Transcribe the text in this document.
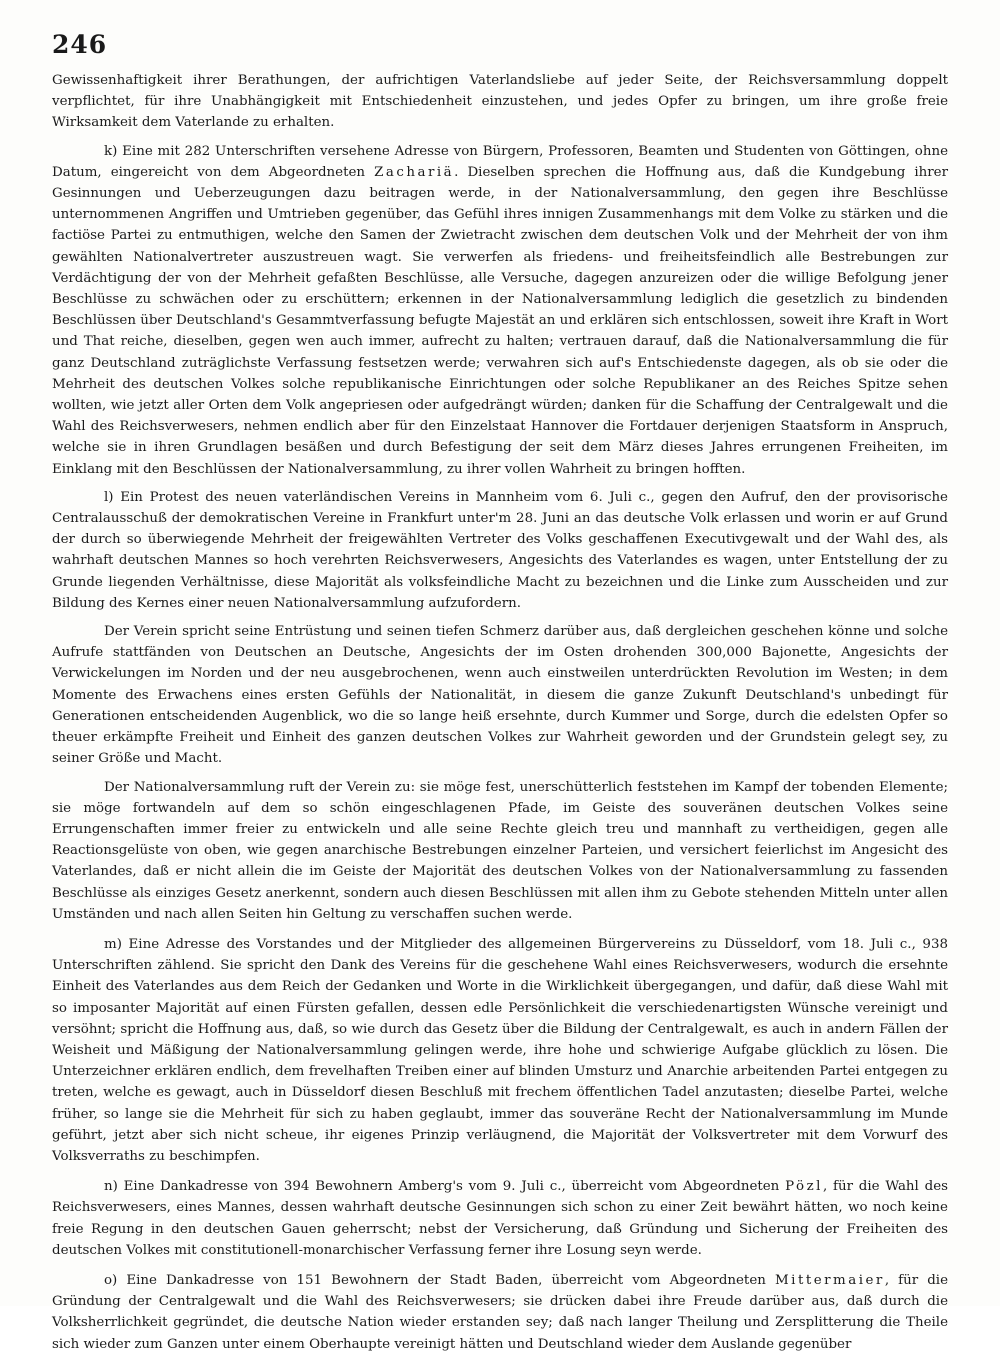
246

Gewissenhaftigkeit ihrer Berathungen, der aufrichtigen Vaterlandsliebe auf jeder Seite, der Reichsversammlung doppelt verpflichtet, für ihre Unabhängigkeit mit Entschiedenheit einzustehen, und jedes Opfer zu bringen, um ihre große freie Wirksamkeit dem Vaterlande zu erhalten.

k) Eine mit 282 Unterschriften versehene Adresse von Bürgern, Professoren, Beamten und Studenten von Göttingen, ohne Datum, eingereicht von dem Abgeordneten Zachariä. Dieselben sprechen die Hoffnung aus, daß die Kundgebung ihrer Gesinnungen und Ueberzeugungen dazu beitragen werde, in der Nationalversammlung, den gegen ihre Beschlüsse unternommenen Angriffen und Umtrieben gegenüber, das Gefühl ihres innigen Zusammenhangs mit dem Volke zu stärken und die factiöse Partei zu entmuthigen, welche den Samen der Zwietracht zwischen dem deutschen Volk und der Mehrheit der von ihm gewählten Nationalvertreter auszustreuen wagt. Sie verwerfen als friedens- und freiheitsfeindlich alle Bestrebungen zur Verdächtigung der von der Mehrheit gefaßten Beschlüsse, alle Versuche, dagegen anzureizen oder die willige Befolgung jener Beschlüsse zu schwächen oder zu erschüttern; erkennen in der Nationalversammlung lediglich die gesetzlich zu bindenden Beschlüssen über Deutschland's Gesammtverfassung befugte Majestät an und erklären sich entschlossen, soweit ihre Kraft in Wort und That reiche, dieselben, gegen wen auch immer, aufrecht zu halten; vertrauen darauf, daß die Nationalversammlung die für ganz Deutschland zuträglichste Verfassung festsetzen werde; verwahren sich auf's Entschiedenste dagegen, als ob sie oder die Mehrheit des deutschen Volkes solche republikanische Einrichtungen oder solche Republikaner an des Reiches Spitze sehen wollten, wie jetzt aller Orten dem Volk angepriesen oder aufgedrängt würden; danken für die Schaffung der Centralgewalt und die Wahl des Reichsverwesers, nehmen endlich aber für den Einzelstaat Hannover die Fortdauer derjenigen Staatsform in Anspruch, welche sie in ihren Grundlagen besäßen und durch Befestigung der seit dem März dieses Jahres errungenen Freiheiten, im Einklang mit den Beschlüssen der Nationalversammlung, zu ihrer vollen Wahrheit zu bringen hofften.

l) Ein Protest des neuen vaterländischen Vereins in Mannheim vom 6. Juli c., gegen den Aufruf, den der provisorische Centralausschuß der demokratischen Vereine in Frankfurt unter'm 28. Juni an das deutsche Volk erlassen und worin er auf Grund der durch so überwiegende Mehrheit der freigewählten Vertreter des Volks geschaffenen Executivgewalt und der Wahl des, als wahrhaft deutschen Mannes so hoch verehrten Reichsverwesers, Angesichts des Vaterlandes es wagen, unter Entstellung der zu Grunde liegenden Verhältnisse, diese Majorität als volksfeindliche Macht zu bezeichnen und die Linke zum Ausscheiden und zur Bildung des Kernes einer neuen Nationalversammlung aufzufordern.

Der Verein spricht seine Entrüstung und seinen tiefen Schmerz darüber aus, daß dergleichen geschehen könne und solche Aufrufe stattfänden von Deutschen an Deutsche, Angesichts der im Osten drohenden 300,000 Bajonette, Angesichts der Verwickelungen im Norden und der neu ausgebrochenen, wenn auch einstweilen unterdrückten Revolution im Westen; in dem Momente des Erwachens eines ersten Gefühls der Nationalität, in diesem die ganze Zukunft Deutschland's unbedingt für Generationen entscheidenden Augenblick, wo die so lange heiß ersehnte, durch Kummer und Sorge, durch die edelsten Opfer so theuer erkämpfte Freiheit und Einheit des ganzen deutschen Volkes zur Wahrheit geworden und der Grundstein gelegt sey, zu seiner Größe und Macht.

Der Nationalversammlung ruft der Verein zu: sie möge fest, unerschütterlich feststehen im Kampf der tobenden Elemente; sie möge fortwandeln auf dem so schön eingeschlagenen Pfade, im Geiste des souveränen deutschen Volkes seine Errungenschaften immer freier zu entwickeln und alle seine Rechte gleich treu und mannhaft zu vertheidigen, gegen alle Reactionsgelüste von oben, wie gegen anarchische Bestrebungen einzelner Parteien, und versichert feierlichst im Angesicht des Vaterlandes, daß er nicht allein die im Geiste der Majorität des deutschen Volkes von der Nationalversammlung zu fassenden Beschlüsse als einziges Gesetz anerkennt, sondern auch diesen Beschlüssen mit allen ihm zu Gebote stehenden Mitteln unter allen Umständen und nach allen Seiten hin Geltung zu verschaffen suchen werde.

m) Eine Adresse des Vorstandes und der Mitglieder des allgemeinen Bürgervereins zu Düsseldorf, vom 18. Juli c., 938 Unterschriften zählend. Sie spricht den Dank des Vereins für die geschehene Wahl eines Reichsverwesers, wodurch die ersehnte Einheit des Vaterlandes aus dem Reich der Gedanken und Worte in die Wirklichkeit übergegangen, und dafür, daß diese Wahl mit so imposanter Majorität auf einen Fürsten gefallen, dessen edle Persönlichkeit die verschiedenartigsten Wünsche vereinigt und versöhnt; spricht die Hoffnung aus, daß, so wie durch das Gesetz über die Bildung der Centralgewalt, es auch in andern Fällen der Weisheit und Mäßigung der Nationalversammlung gelingen werde, ihre hohe und schwierige Aufgabe glücklich zu lösen. Die Unterzeichner erklären endlich, dem frevelhaften Treiben einer auf blinden Umsturz und Anarchie arbeitenden Partei entgegen zu treten, welche es gewagt, auch in Düsseldorf diesen Beschluß mit frechem öffentlichen Tadel anzutasten; dieselbe Partei, welche früher, so lange sie die Mehrheit für sich zu haben geglaubt, immer das souveräne Recht der Nationalversammlung im Munde geführt, jetzt aber sich nicht scheue, ihr eigenes Prinzip verläugnend, die Majorität der Volksvertreter mit dem Vorwurf des Volksverraths zu beschimpfen.

n) Eine Dankadresse von 394 Bewohnern Amberg's vom 9. Juli c., überreicht vom Abgeordneten Pözl, für die Wahl des Reichsverwesers, eines Mannes, dessen wahrhaft deutsche Gesinnungen sich schon zu einer Zeit bewährt hätten, wo noch keine freie Regung in den deutschen Gauen geherrscht; nebst der Versicherung, daß Gründung und Sicherung der Freiheiten des deutschen Volkes mit constitutionell-monarchischer Verfassung ferner ihre Losung seyn werde.

o) Eine Dankadresse von 151 Bewohnern der Stadt Baden, überreicht vom Abgeordneten Mittermaier, für die Gründung der Centralgewalt und die Wahl des Reichsverwesers; sie drücken dabei ihre Freude darüber aus, daß durch die Volksherrlichkeit gegründet, die deutsche Nation wieder erstanden sey; daß nach langer Theilung und Zersplitterung die Theile sich wieder zum Ganzen unter einem Oberhaupte vereinigt hätten und Deutschland wieder dem Auslande gegenüber
